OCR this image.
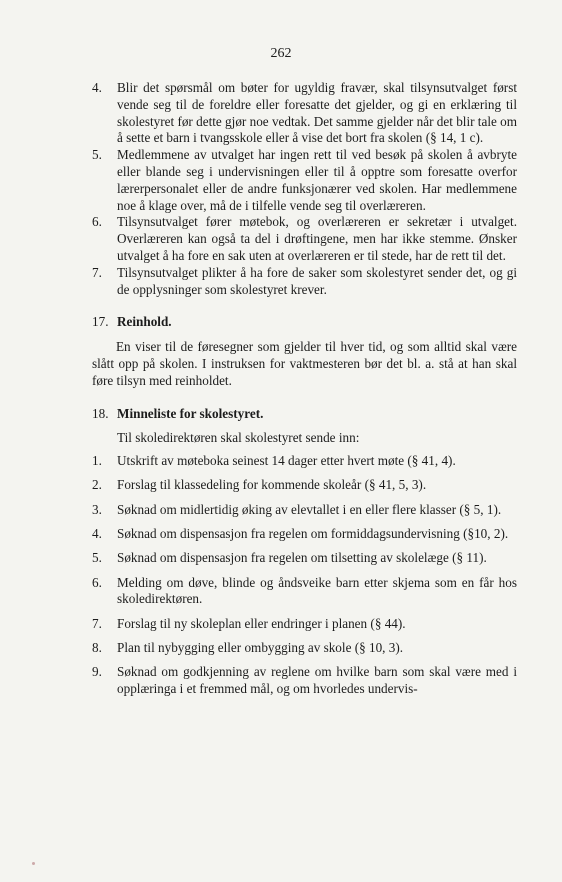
262
4. Blir det spørsmål om bøter for ugyldig fravær, skal tilsynsutvalget først vende seg til de foreldre eller foresatte det gjelder, og gi en erklæring til skolestyret før dette gjør noe vedtak. Det samme gjelder når det blir tale om å sette et barn i tvangsskole eller å vise det bort fra skolen (§ 14, 1 c).
5. Medlemmene av utvalget har ingen rett til ved besøk på skolen å avbryte eller blande seg i undervisningen eller til å opptre som foresatte overfor lærerpersonalet eller de andre funksjonærer ved skolen. Har medlemmene noe å klage over, må de i tilfelle vende seg til overlæreren.
6. Tilsynsutvalget fører møtebok, og overlæreren er sekretær i utvalget. Overlæreren kan også ta del i drøftingene, men har ikke stemme. Ønsker utvalget å ha fore en sak uten at overlæreren er til stede, har de rett til det.
7. Tilsynsutvalget plikter å ha fore de saker som skolestyret sender det, og gi de opplysninger som skolestyret krever.
17. Reinhold.
En viser til de føresegner som gjelder til hver tid, og som alltid skal være slått opp på skolen. I instruksen for vaktmesteren bør det bl. a. stå at han skal føre tilsyn med reinholdet.
18. Minneliste for skolestyret.
Til skoledirektøren skal skolestyret sende inn:
1. Utskrift av møteboka seinest 14 dager etter hvert møte (§ 41, 4).
2. Forslag til klassedeling for kommende skoleår (§ 41, 5, 3).
3. Søknad om midlertidig øking av elevtallet i en eller flere klasser (§ 5, 1).
4. Søknad om dispensasjon fra regelen om formiddagsundervisning (§10, 2).
5. Søknad om dispensasjon fra regelen om tilsetting av skolelæge (§ 11).
6. Melding om døve, blinde og åndsveike barn etter skjema som en får hos skoledirektøren.
7. Forslag til ny skoleplan eller endringer i planen (§ 44).
8. Plan til nybygging eller ombygging av skole (§ 10, 3).
9. Søknad om godkjenning av reglene om hvilke barn som skal være med i opplæringa i et fremmed mål, og om hvorledes undervis-
